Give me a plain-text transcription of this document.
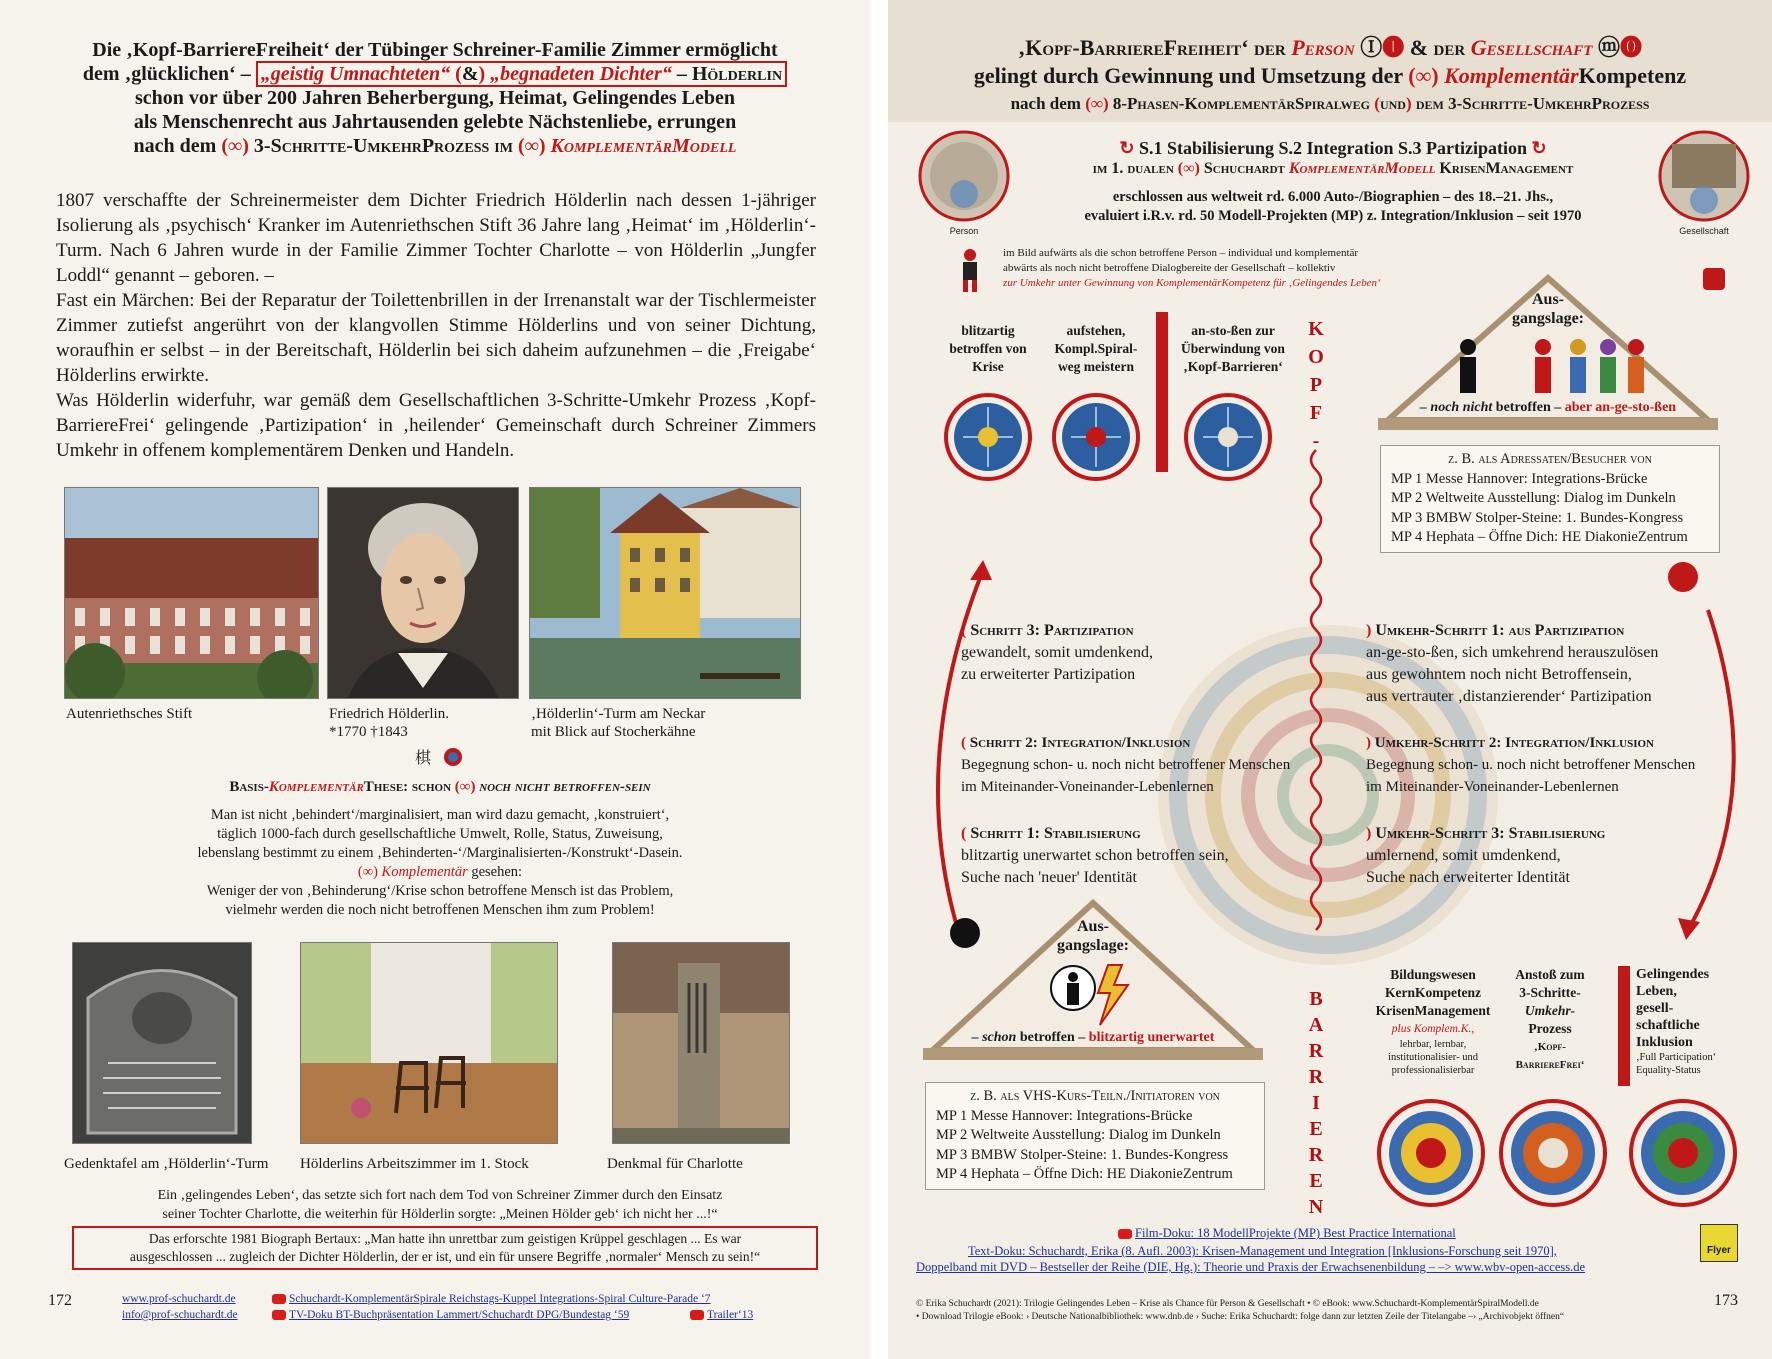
Die ‚Kopf-BarriereFreiheit‘ der Tübinger Schreiner-Familie Zimmer ermöglicht
dem ‚glücklichen‘ – „geistig Umnachteten“ (&) „begnadeten Dichter“ – Hölderlin
schon vor über 200 Jahren Beherbergung, Heimat, Gelingendes Leben
als Menschenrecht aus Jahrtausenden gelebte Nächstenliebe, errungen
nach dem (∞) 3-Schritte-UmkehrProzess im (∞) KomplementärModell
1807 verschaffte der Schreinermeister dem Dichter Friedrich Hölderlin nach dessen 1-jähriger Isolierung als ‚psychisch‘ Kranker im Autenriethschen Stift 36 Jahre lang ‚Heimat‘ im ‚Hölderlin‘-Turm. Nach 6 Jahren wurde in der Familie Zimmer Tochter Charlotte – von Hölderlin „Jungfer Loddl“ genannt – geboren. –
Fast ein Märchen: Bei der Reparatur der Toilettenbrillen in der Irrenanstalt war der Tischlermeister Zimmer zutiefst angerührt von der klangvollen Stimme Hölderlins und von seiner Dichtung, woraufhin er selbst – in der Bereitschaft, Hölderlin bei sich daheim aufzunehmen – die ‚Freigabe‘ Hölderlins erwirkte.
Was Hölderlin widerfuhr, war gemäß dem Gesellschaftlichen 3-Schritte-Umkehr Prozess ‚Kopf-BarriereFrei‘ gelingende ‚Partizipation‘ in ‚heilender‘ Gemeinschaft durch Schreiner Zimmers Umkehr in offenem komplementärem Denken und Handeln.
Autenriethsches Stift	Friedrich Hölderlin.
*1770 †1843
‚Hölderlin‘-Turm am Neckar
mit Blick auf Stocherkähne
棋
Basis-KomplementärThese: schon (∞) noch nicht betroffen-sein
Man ist nicht ‚behindert‘/marginalisiert, man wird dazu gemacht, ‚konstruiert‘,
täglich 1000-fach durch gesellschaftliche Umwelt, Rolle, Status, Zuweisung,
lebenslang bestimmt zu einem ‚Behinderten-‘/Marginalisierten-/Konstrukt‘-Dasein.
(∞) Komplementär gesehen:
Weniger der von ‚Behinderung‘/Krise schon betroffene Mensch ist das Problem,
vielmehr werden die noch nicht betroffenen Menschen ihm zum Problem!
Gedenktafel am ‚Hölderlin‘-Turm Hölderlins Arbeitszimmer im 1. Stock	Denkmal für Charlotte
Ein ‚gelingendes Leben‘, das setzte sich fort nach dem Tod von Schreiner Zimmer durch den Einsatz
seiner Tochter Charlotte, die weiterhin für Hölderlin sorgte: „Meinen Hölder geb‘ ich nicht her ...!“
Das erforschte 1981 Biograph Bertaux: „Man hatte ihn unrettbar zum geistigen Krüppel geschlagen ... Es war
ausgeschlossen ... zugleich der Dichter Hölderlin, der er ist, und ein für unsere Begriffe ‚normaler‘ Mensch zu sein!“
172	www.prof-schuchardt.de
info@prof-schuchardt.de
Schuchardt-KomplementärSpirale Reichstags-Kuppel Integrations-Spiral Culture-Parade ‘7
TV-Doku BT-Buchpräsentation Lammert/Schuchardt DPG/Bundestag ‘59	Trailer‘13
‚Kopf-BarriereFreiheit‘ der Person Ⓘ❶ & der Gesellschaft ⓜ⓿
gelingt durch Gewinnung und Umsetzung der (∞) KomplementärKompetenz
nach dem (∞) 8-Phasen-KomplementärSpiralweg (und) dem 3-Schritte-UmkehrProzess
Person	Gesellschaft
↻ S.1 Stabilisierung S.2 Integration S.3 Partizipation ↻
im 1. dualen (∞) Schuchardt KomplementärModell KrisenManagement
erschlossen aus weltweit rd. 6.000 Auto-/Biographien – des 18.–21. Jhs.,
evaluiert i.R.v. rd. 50 Modell-Projekten (MP) z. Integration/Inklusion – seit 1970
im Bild aufwärts als die schon betroffene Person – individual und komplementär
abwärts als noch nicht betroffene Dialogbereite der Gesellschaft – kollektiv
zur Umkehr unter Gewinnung von KomplementärKompetenz für ‚Gelingendes Leben‘
blitzartig
betroffen von
Krise
aufstehen,
Kompl.Spiral-
weg meistern
an-sto-ßen zur
Überwindung von
‚Kopf-Barrieren‘	KOPF-
BARRIEREN
Aus-
gangslage:
– noch nicht betroffen – aber an-ge-sto-ßen
z. B. als Adressaten/Besucher von
MP 1 Messe Hannover: Integrations-Brücke
MP 2 Weltweite Ausstellung: Dialog im Dunkeln
MP 3 BMBW Stolper-Steine: 1. Bundes-Kongress
MP 4 Hephata – Öffne Dich: HE DiakonieZentrum
( Schritt 3: Partizipation
gewandelt, somit umdenkend,
zu erweiterter Partizipation
( Schritt 2: Integration/Inklusion
Begegnung schon- u. noch nicht betroffener Menschen
im Miteinander-Voneinander-Lebenlernen
( Schritt 1: Stabilisierung
blitzartig unerwartet schon betroffen sein,
Suche nach 'neuer' Identität
) Umkehr-Schritt 1: aus Partizipation
an-ge-sto-ßen, sich umkehrend herauszulösen
aus gewohntem noch nicht Betroffensein,
aus vertrauter ‚distanzierender‘ Partizipation
) Umkehr-Schritt 2: Integration/Inklusion
Begegnung schon- u. noch nicht betroffener Menschen
im Miteinander-Voneinander-Lebenlernen
) Umkehr-Schritt 3: Stabilisierung
umlernend, somit umdenkend,
Suche nach erweiterter Identität
Aus-
gangslage:
– schon betroffen – blitzartig unerwartet
z. B. als VHS-Kurs-Teiln./Initiatoren von
MP 1 Messe Hannover: Integrations-Brücke
MP 2 Weltweite Ausstellung: Dialog im Dunkeln
MP 3 BMBW Stolper-Steine: 1. Bundes-Kongress
MP 4 Hephata – Öffne Dich: HE DiakonieZentrum
Bildungswesen
KernKompetenz
KrisenManagement
plus Komplem.K.,
lehrbar, lernbar,
institutionalisier- und
professionalisierbar
Anstoß zum
3-Schritte-
Umkehr-
Prozess
‚Kopf-
BarriereFrei‘
Gelingendes
Leben,
gesell-
schaftliche
Inklusion
‚Full Participation‘
Equality-Status
Film-Doku: 18 ModellProjekte (MP) Best Practice International
Text-Doku: Schuchardt, Erika (8. Aufl. 2003): Krisen-Management und Integration [Inklusions-Forschung seit 1970],
Doppelband mit DVD – Bestseller der Reihe (DIE, Hg.): Theorie und Praxis der Erwachsenenbildung – –> www.wbv-open-access.de
Flyer
© Erika Schuchardt (2021): Trilogie Gelingendes Leben – Krise als Chance für Person & Gesellschaft • © eBook: www.Schuchardt-KomplementärSpiralModell.de
• Download Trilogie eBook: › Deutsche Nationalbibliothek: www.dnb.de › Suche: Erika Schuchardt: folge dann zur letzten Zeile der Titelangabe –› „Archivobjekt öffnen“
173
